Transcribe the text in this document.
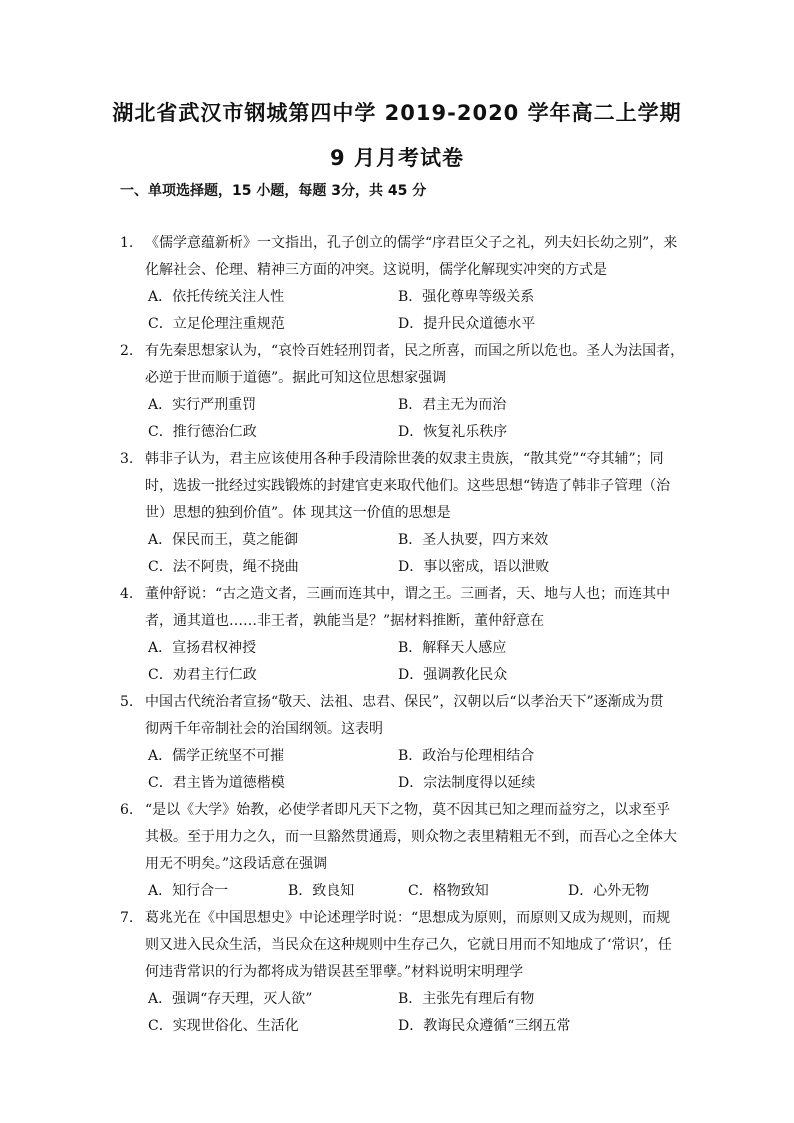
湖北省武汉市钢城第四中学 2019-2020 学年高二上学期
9 月月考试卷
一、单项选择题，15 小题，每题 3分，共 45 分
1. 《儒学意蕴新析》一文指出，孔子创立的儒学“序君臣父子之礼，列夫妇长幼之别”，来
化解社会、伦理、精神三方面的冲突。这说明，儒学化解现实冲突的方式是
A．依托传统关注人性	B．强化尊卑等级关系
C．立足伦理注重规范	D．提升民众道德水平
2. 有先秦思想家认为，“哀怜百姓轻刑罚者，民之所喜，而国之所以危也。圣人为法国者，
必逆于世而顺于道德”。据此可知这位思想家强调
A．实行严刑重罚	B．君主无为而治
C．推行德治仁政	D．恢复礼乐秩序
3. 韩非子认为，君主应该使用各种手段清除世袭的奴隶主贵族，“散其党”“夺其辅”；同
时，选拔一批经过实践锻炼的封建官吏来取代他们。这些思想“铸造了韩非子管理（治
世）思想的独到价值”。体 现其这一价值的思想是
A．保民而王，莫之能御	B．圣人执要，四方来效
C．法不阿贵，绳不挠曲	D．事以密成，语以泄败
4. 董仲舒说：“古之造文者，三画而连其中，谓之王。三画者，天、地与人也；而连其中
者，通其道也……非王者，孰能当是？”据材料推断，董仲舒意在
A．宣扬君权神授	B．解释天人感应
C．劝君主行仁政	D．强调教化民众
5. 中国古代统治者宣扬“敬天、法祖、忠君、保民”，汉朝以后“以孝治天下”逐渐成为贯
彻两千年帝制社会的治国纲领。这表明
A．儒学正统坚不可摧	B．政治与伦理相结合
C．君主皆为道德楷模	D．宗法制度得以延续
6. “是以《大学》始教，必使学者即凡天下之物，莫不因其已知之理而益穷之，以求至乎
其极。至于用力之久，而一旦豁然贯通焉，则众物之表里精粗无不到，而吾心之全体大
用无不明矣。”这段话意在强调
A．知行合一	B．致良知	C．格物致知	D．心外无物
7. 葛兆光在《中国思想史》中论述理学时说：“思想成为原则，而原则又成为规则，而规
则又进入民众生活，当民众在这种规则中生存己久，它就日用而不知地成了‘常识’，任
何违背常识的行为都将成为错误甚至罪孽。”材料说明宋明理学
A．强调“存天理，灭人欲”	B．主张先有理后有物
C．实现世俗化、生活化	D．教诲民众遵循“三纲五常
